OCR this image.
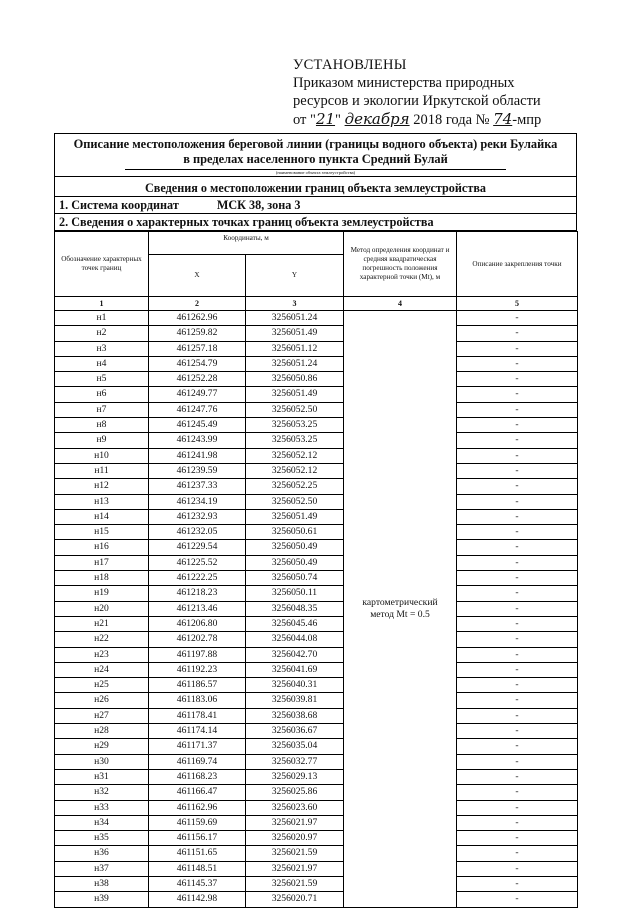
УСТАНОВЛЕНЫ
Приказом министерства природных
ресурсов и экологии Иркутской области
от "21" декабря 2018 года № 74-мпр
Описание местоположения береговой линии (границы водного объекта) реки Булайка
в пределах населенного пункта Средний Булай
(наименование объекта землеустройства)
Сведения о местоположении границ объекта землеустройства
1. Система координат	МСК 38, зона 3
2. Сведения о характерных точках границ объекта землеустройства
Обозначение характерных точек границ	Координаты, м		Метод определения координат и средняя квадратическая погрешность положения характерной точки (Mt), м	Описание закрепления точки
	X	Y		
1	2	3	4	5
н1	461262.96	3256051.24	картометрический метод Mt = 0.5	-
н2	461259.82	3256051.49		-
н3	461257.18	3256051.12		-
н4	461254.79	3256051.24		-
н5	461252.28	3256050.86		-
н6	461249.77	3256051.49		-
н7	461247.76	3256052.50		-
н8	461245.49	3256053.25		-
н9	461243.99	3256053.25		-
н10	461241.98	3256052.12		-
н11	461239.59	3256052.12		-
н12	461237.33	3256052.25		-
н13	461234.19	3256052.50		-
н14	461232.93	3256051.49		-
н15	461232.05	3256050.61		-
н16	461229.54	3256050.49		-
н17	461225.52	3256050.49		-
н18	461222.25	3256050.74		-
н19	461218.23	3256050.11		-
н20	461213.46	3256048.35		-
н21	461206.80	3256045.46		-
н22	461202.78	3256044.08		-
н23	461197.88	3256042.70		-
н24	461192.23	3256041.69		-
н25	461186.57	3256040.31		-
н26	461183.06	3256039.81		-
н27	461178.41	3256038.68		-
н28	461174.14	3256036.67		-
н29	461171.37	3256035.04		-
н30	461169.74	3256032.77		-
н31	461168.23	3256029.13		-
н32	461166.47	3256025.86		-
н33	461162.96	3256023.60		-
н34	461159.69	3256021.97		-
н35	461156.17	3256020.97		-
н36	461151.65	3256021.59		-
н37	461148.51	3256021.97		-
н38	461145.37	3256021.59		-
н39	461142.98	3256020.71		-
